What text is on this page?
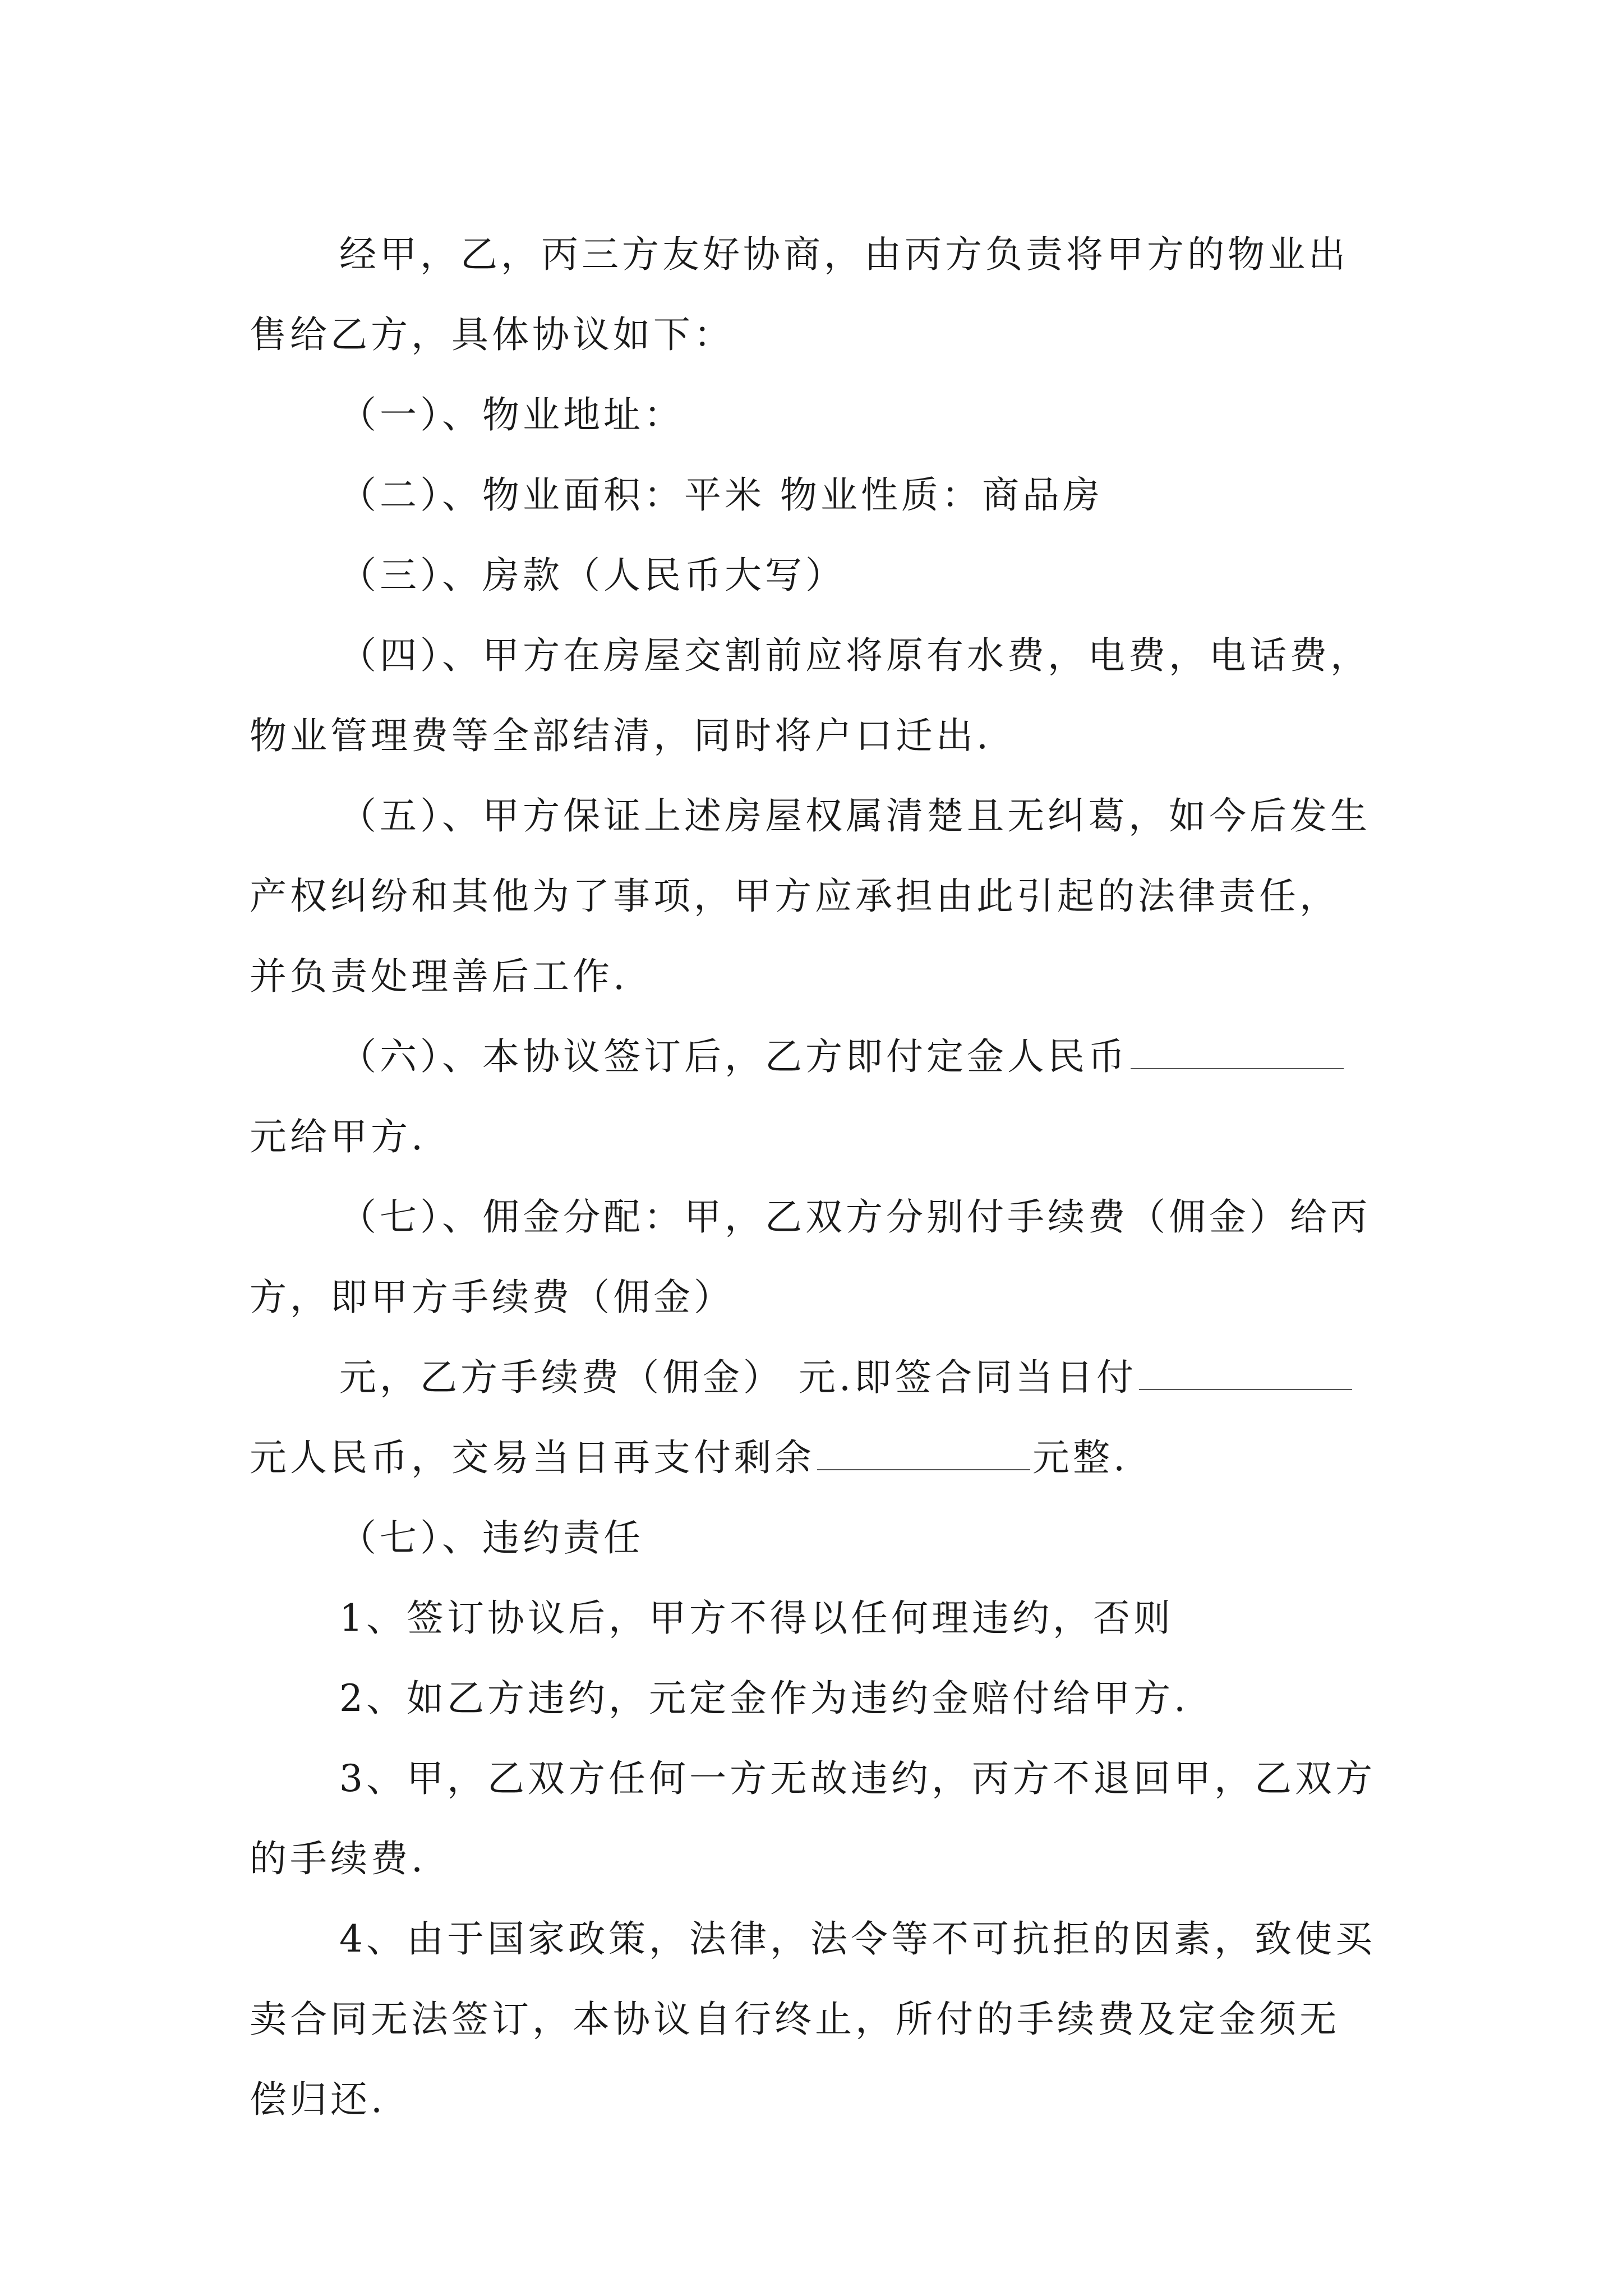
经甲，乙，丙三方友好协商，由丙方负责将甲方的物业出售给乙方，具体协议如下：

（一）、物业地址：

（二）、物业面积：平米 物业性质：商品房

（三）、房款（人民币大写）

（四）、甲方在房屋交割前应将原有水费，电费，电话费，物业管理费等全部结清，同时将户口迁出.

（五）、甲方保证上述房屋权属清楚且无纠葛，如今后发生产权纠纷和其他为了事项，甲方应承担由此引起的法律责任，并负责处理善后工作.

（六）、本协议签订后，乙方即付定金人民币元给甲方.

（七）、佣金分配：甲，乙双方分别付手续费（佣金）给丙方，即甲方手续费（佣金）

元，乙方手续费（佣金） 元.即签合同当日付元人民币，交易当日再支付剩余	元整.

（七）、违约责任

1、签订协议后，甲方不得以任何理违约，否则

2、如乙方违约，元定金作为违约金赔付给甲方.

3、甲，乙双方任何一方无故违约，丙方不退回甲，乙双方的手续费.

4、由于国家政策，法律，法令等不可抗拒的因素，致使买卖合同无法签订，本协议自行终止，所付的手续费及定金须无偿归还.
